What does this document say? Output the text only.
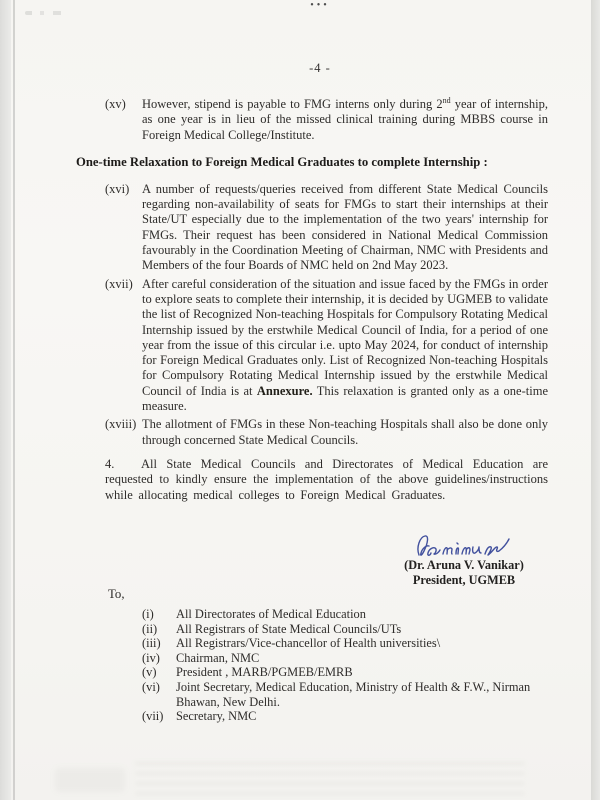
•••
-4 -
(xv)	However, stipend is payable to FMG interns only during 2nd year of internship, as one year is in lieu of the missed clinical training during MBBS course in Foreign Medical College/Institute.
One-time Relaxation to Foreign Medical Graduates to complete Internship :
(xvi)	A number of requests/queries received from different State Medical Councils regarding non-availability of seats for FMGs to start their internships at their State/UT especially due to the implementation of the two years' internship for FMGs. Their request has been considered in National Medical Commission favourably in the Coordination Meeting of Chairman, NMC with Presidents and Members of the four Boards of NMC held on 2nd May 2023.
(xvii) After careful consideration of the situation and issue faced by the FMGs in order to explore seats to complete their internship, it is decided by UGMEB to validate the list of Recognized Non-teaching Hospitals for Compulsory Rotating Medical Internship issued by the erstwhile Medical Council of India, for a period of one year from the issue of this circular i.e. upto May 2024, for conduct of internship for Foreign Medical Graduates only. List of Recognized Non-teaching Hospitals for Compulsory Rotating Medical Internship issued by the erstwhile Medical Council of India is at Annexure. This relaxation is granted only as a one-time measure.
(xviii) The allotment of FMGs in these Non-teaching Hospitals shall also be done only through concerned State Medical Councils.
4. All State Medical Councils and Directorates of Medical Education are requested to kindly ensure the implementation of the above guidelines/instructions while allocating medical colleges to Foreign Medical Graduates.
(Dr. Aruna V. Vanikar)
President, UGMEB
To,
(i)	All Directorates of Medical Education
(ii)	All Registrars of State Medical Councils/UTs
(iii)	All Registrars/Vice-chancellor of Health universities\
(iv)	Chairman, NMC
(v)	President , MARB/PGMEB/EMRB
(vi)	Joint Secretary, Medical Education, Ministry of Health & F.W., Nirman Bhawan, New Delhi.
(vii)	Secretary, NMC
